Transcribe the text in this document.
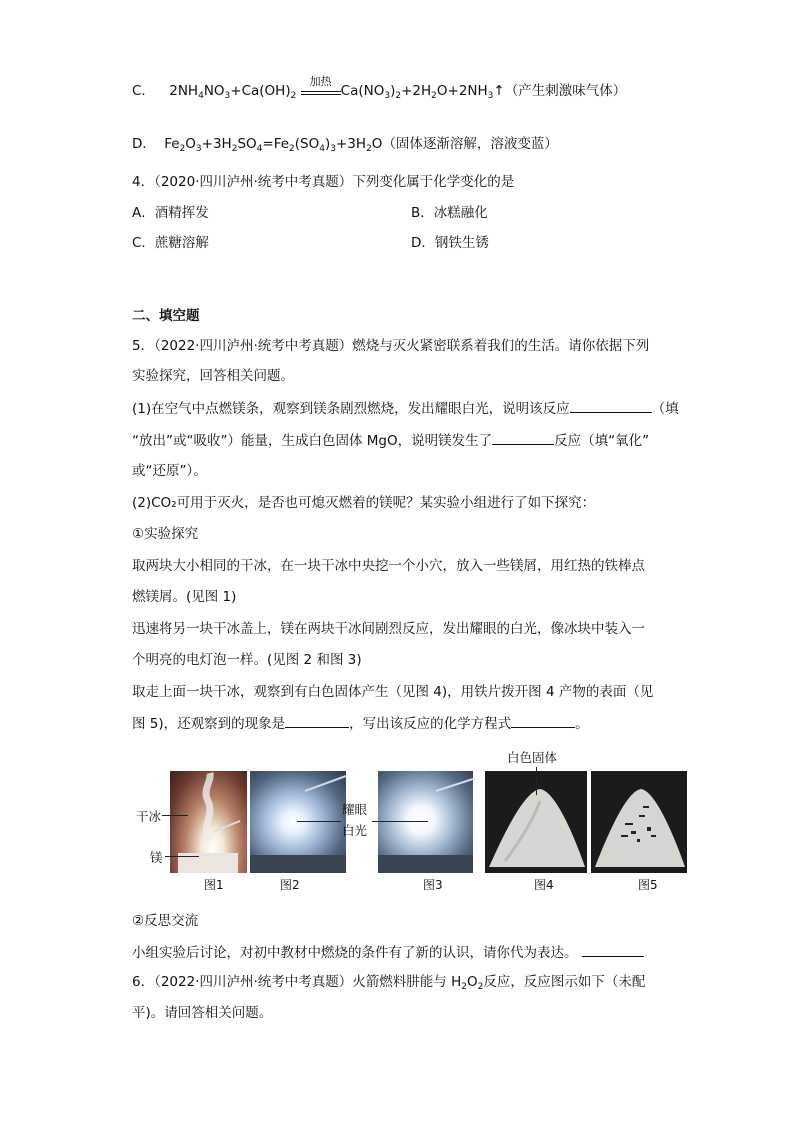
C． $2NH_4NO_3+Ca(OH)_2$
加热
$Ca(NO_3)_2+2H_2O+2NH_3↑$（产生刺激味气体）
D． $Fe_2O_3+3H_2SO_4=Fe_2(SO_4)_3+3H_2O$（固体逐渐溶解，溶液变蓝）
4．（2020·四川泸州·统考中考真题）下列变化属于化学变化的是
A．酒精挥发	B．冰糕融化
C．蔗糖溶解	D．钢铁生锈
二、填空题
5．（2022·四川泸州·统考中考真题）燃烧与灭火紧密联系着我们的生活。请你依据下列
实验探究，回答相关问题。
(1)在空气中点燃镁条，观察到镁条剧烈燃烧，发出耀眼白光，说明该反应	（填
“放出”或“吸收”）能量，生成白色固体 MgO，说明镁发生了	反应（填“氧化”
或“还原”）。
(2)CO₂可用于灭火，是否也可熄灭燃着的镁呢？某实验小组进行了如下探究：
①实验探究
取两块大小相同的干冰，在一块干冰中央挖一个小穴，放入一些镁屑，用红热的铁棒点
燃镁屑。(见图 1)
迅速将另一块干冰盖上，镁在两块干冰间剧烈反应，发出耀眼的白光，像冰块中装入一
个明亮的电灯泡一样。(见图 2 和图 3)
取走上面一块干冰，观察到有白色固体产生（见图 4)，用铁片拨开图 4 产物的表面（见
图 5)，还观察到的现象是	，写出该反应的化学方程式	。
干冰
镁
耀眼
白光
白色固体
图1	图2	图3	图4	图5
②反思交流
小组实验后讨论，对初中教材中燃烧的条件有了新的认识，请你代为表达。
6．（2022·四川泸州·统考中考真题）火箭燃料肼能与 $H_2O_2$反应，反应图示如下（未配
平)。请回答相关问题。
